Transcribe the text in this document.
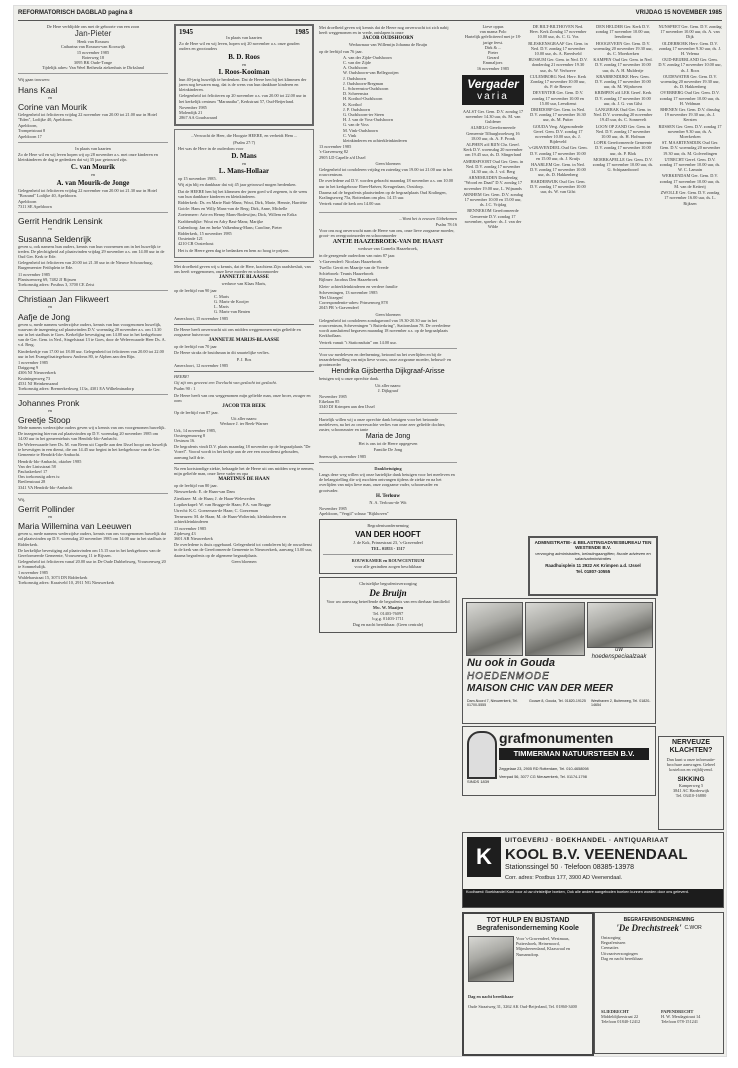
REFORMATORISCH DAGBLAD pagina 8	VRIJDAG 15 NOVEMBER 1985
De Here verblijdde ons met de geboorte van een zoon
Jan-Pieter
Henk van Rossum
Catharina van Rossum-van Kooswijk
15 november 1985
Boterweg 18
3095 BK Oude-Tonge
Tijdelijk adres: Van Weel Bethesda ziekenhuis te Dirksland
Wij gaan trouwen:
Hans Kaal
en
Corine van Mourik
Gelegenheid tot feliciteren vrijdag 22 november van 20.00 tot 21.00 uur in Hotel "Eden", Lodijke 40, Apeldoorn.
Apeldoorn,
Trompetstraat 8
Apeldoorn 17
In plaats van kaarten
Zo de Here wil en wij leven hopen wij op 28 november a.s. met onze kinderen en kleinkinderen de dag te gedenken dat wij 35 jaar getrouwd zijn.
C. van Mourik
en
A. van Mourik-de Jonge
Gelegenheid tot feliciteren vrijdag 22 november van 20.00 tot 21.30 uur in Hotel "Bosrand" Lodijke 40, Apeldoorn.
Apeldoorn
7311 SE Apeldoorn
Gerrit Hendrik Lensink
en
Susanna Seldenrijk
geven u, ook namens hun ouders, kennis van hun voornemen om in het huwelijk te treden. De plechtigheid zal plaatsvinden vrijdag 29 november a.s. om 14.00 uur in de Oud Ger. Kerk te Ede.
Gelegenheid tot feliciteren van 20.00 tot 21.30 uur in de Nieuwe Schouwburg, Burgemeester Feithplein te Ede.
11 november 1985
Plantsoenweg 69, 7482 JJ Rijssen
Toekomstig adres: Postbus 3, 3700 CE Zeist
Christiaan Jan Flikweert
en
Aafje de Jong
geven u, mede namens wederzijdse ouders, kennis van hun voorgenomen huwelijk, waarvan de inzegening zal plaatsvinden D.V. woensdag 20 november a.s. om 13.30 uur in het stadhuis te Goes. Kerkelijke bevestiging om 14.00 uur in het kerkgebouw van de Ger. Gem. in Ned., Singelstraat 13 te Goes, door de Weleerwaarde Heer Ds. A. v.d. Berg.
Kinderkerkje van 17.00 tot 18.00 uur. Gelegenheid tot feliciteren van 20.00 tot 22.00 uur in het Evangelisatiegebouw Andreas 80, te Alphen aan den Rijn.
1 november 1985
Daiggong 9
4306 NJ Nieuwerkerk
Kruiningenweg 73
4531 NJ Heinkenszand
Toekomstig adres: Bremerkerkweg 113a, 4301 EA Wilhelminadorp
Johannes Pronk
en
Greetje Stoop
Mede namens wederzijdse ouders geven wij u kennis van ons voorgenomen huwelijk. De inzegening hiervan zal plaatsvinden op D.V. woensdag 20 november 1985 om 14.00 uur in het gemeentehuis van Hendrik-Ido-Ambacht.
De Weleerwaarde heer Ds. M. van Reem uit Capelle aan den IJssel hoopt ons huwelijk te bevestigen in een dienst, die om 14.45 uur begint in het kerkgebouw van de Ger. Gemeente te Hendrik-Ido-Ambacht.
Hendrik-Ido-Ambacht, oktober 1985
Van der Linisstraat 58
Pauluskerkerf 17
Ons toekomstig adres is:
Breilenstraat 28
3341 VA Hendrik-Ido-Ambacht
Wij,
Gerrit Pollinder
en
Maria Willemina van Leeuwen
geven u, mede namens wederzijdse ouders, kennis van ons voorgenomen huwelijk dat zal plaatsvinden op D.V. woensdag 20 november 1985 om 14.00 uur in het stadhuis te Ridderkerk.
De kerkelijke bevestiging zal plaatsvinden om 15.15 uur in het kerkgebouw van de Gereformeerde Gemeente, Vrouwenweg 11 te Rijssen.
Gelegenheid tot feliciteren vanaf 20.00 uur in De Oude Dubbelsweg, Vrouwenweg 20 te Sommelsdijk.
1 november 1985
Waldebarstraat 15, 3073 DN Ridderkerk
Toekomstig adres: Kraaiveld 10, 2911 NG Nieuwerkerk
1945	1985
In plaats van kaarten
Zo de Here wil en wij leven, hopen wij 20 november a.s. onze gouden ouders en grootouders
B. D. Roos
en
I. Roos-Kooiman
hun 40-jarig huwelijk te herdenken. Dat de Heere hen bij het klimmen der jaren nog bewaren mag, dat is de wens van hun dankbare kinderen en kleinkinderen.
Gelegenheid tot feliciteren op 20 november a.s. van 20.00 tot 22.00 uur in het kerkelijk centrum "Maranatha", Kerkstraat 57, Oud-Beijerland.
November 1985
Molendijk 21
2867 AA Goudswaard
...Verwacht de Heer, die Hoogste HEERE, en verbeidt Hem ...
(Psalm 27:7)
Het was de Here in de ouderdom voor
D. Mans
en
L. Mans-Hollaar
op 15 november 1985.
Wij zijn blij en dankbaar dat wij 45 jaar getrouwd mogen herdenken.
Dat de HEERE hen bij het klimmen der jaren goed wil zegenen, is de wens van hun dankbare kinderen en kleinkinderen.
Ridderkerk: Ds. en Marie Buit-Mans; Wout, Dirk, Marie, Hennie, Harriëtte
Goirle: Hans en Willy Mans-van de Berg; Dirk, Anne, Michelle
Zoetermeer: Arie en Henny Mans-Bodewijns; Dick, Willem en Erika
Krabbendijke: Wout en Adry Bast-Mans; Marijke
Culemborg: Jan en Ineke Valkenburg-Mans; Caroline, Pieter
Ridderkerk, 15 november 1985
Oosteinde 121
4210 CB Oosterhout
Het is de Heere geen dag te bedanken en hem zo hoog te prijzen.
Met droefheid geven wij u kennis, dat de Here, krachtens Zijn raadsbesluit, van ons heeft weggenomen, onze lieve moeder en schoonmoeder
JANNETJE BLAASSE
weduwe van Klaas Maris,
op de leeftijd van 90 jaar
C. Maris
G. Maris-de Kooijer
L. Maris
G. Maris-van Beaten
Amersfoort, 15 november 1985
De Heere heeft onverwacht uit ons midden weggenomen mijn geliefde en zorgzame huisvrouw
JANNETJE MARIJS-BLAASSE
op de leeftijd van 70 jaar
De Heere straks de bruidsman in dit smartelijke verlies.
P. J. Bos
Amersfoort, 12 november 1985
HEERE!
Gij zijt ons geweest een Toevlucht van geslacht tot geslacht.
Psalm 90 : 1
De Heere heeft van ons weggenomen mijn geliefde man, onze broer, zwager en oom
JACOB TER BEEK
Op de leeftijd van 87 jaar.
Uit aller naam:
Weduwe J. ter Beek-Warner
Urk, 14 november 1985,
Oostergemaweg 8
Oestrum 16.
De begrafenis vindt D.V. plaats maandag 18 november op de begraafplaats "De Vorrel". Vooraf wordt in het kerkje aan de zee een rouwdienst gehouden, aanvang half drie.
Na een kortstondige ziekte, behaagde het de Heere uit ons midden weg te nemen, mijn geliefde man, onze lieve vader en opa
MARTINUS DE HAAN
op de leeftijd van 80 jaar.
Nieuwerkerk: E. de Haan-van Dam
Zierikzee: M. de Haan; J. de Haan-Welevreden
Lopikerkapel: W. van Brugge-de Haan; P.A. van Brugge
Utrecht: K.C. Goezeman-de Haan; C. Goezeman
Terneuzen: M. de Haan; M. de Haan-Wolterink; kleinkinderen en achterkleinkinderen
13 november 1985
Zijdeweg 43
3601 AB Nieuwerkerk
De overledene is thuis opgebaard. Gelegenheid tot condoleren bij de rouwdienst in de kerk van de Gereformeerde Gemeente in Nieuwerkerk, aanvang 13.00 uur, daarna begrafenis op de algemene begraafplaats.
Geen bloemen
Met droefheid geven wij kennis dat de Heere nog onverwacht tot zich nabij heeft weggenomen en in vrede, ontslapen is onze
JACOB OUDSHOORN
Weduwnaar van Willemijn Johanna de Bruijn
op de leeftijd van 76 jaar.
A. van der Zijde-Oudshoorn
C. van der Zijde
A. Oudshoorn
W. Oudshoorn-van Bellegooijen
J. Oudshoorn
J. Oudshoorn-Bregman
L. Schreenstra-Oudshoorn
D. Schreenstra
H. Korthof-Oudshoorn
K. Korthof
J. P. Oudshoorn
G. Oudshoorn-ter Steen
H. J. van de Voss-Oudshoorn
G. van de Voss
M. Vink-Oudshoorn
C. Vink
kleinkinderen en achterkleinkinderen
13 november 1985
's-Gravenweg 82
2905 LD Capelle a/d IJssel
Geen bloemen
Gelegenheid tot condoleren vrijdag en zaterdag van 19.00 tot 21.00 uur in het rouwcentrum.
De overledene zal D.V. worden gebracht maandag 18 november a.s. om 10.00 uur in het kerkgebouw Eben-Haëzer, Kreugerlaan, Oostdorp.
Daarna zal de begrafenis plaatsvinden op de begraafplaats Oud Kralingen, Kralingseweg 75a, Rotterdam om plm. 14.15 uur.
Vertrek vanaf de kerk om 14.00 uur.
...Want het is eeuwen Uitbekomen
Psalm 78:16
Voor ons nog onverwacht nam de Heere van ons, onze lieve zorgzame moeder, groot- en overgrootmoeder en schoonmoeder
ANTJE HAAZEBROEK-VAN DE HAAST
weduwe van Cornelis Haazebroek,
in de gezegende ouderdom van ruim 87 jaar.
's-Gravendeel: Nicolaas Haazebroek
Twello: Gerrit en Maartje van de Vreede
Schiebroek: Teunis Haazebroek
Bijlmer: Jacobus Den Haazebroek
Klein- achterkleinkinderen en verdere familie
Scheveningen, 13 november 1985
'Het Uitzegen'
Correspondentie-adres: Prinsenweg 878
2045 PR 's-Gravendeel
Geen bloemen
Gelegenheid tot condoleren zondagavond van 19.30-20.30 uur in het rouwcentrum, Scheveningen "t Ruiterkring", Stationslaan 78. De overledene wordt aansluitend begraven maandag 18 november a.s. op de begraafplaats Kerkhoflaan.
Vertrek vanuit "t Stationsduin" om 14.00 uur.
Voor uw medeleven en deelneming, betoond na het overlijden en bij de teraardebestelling van mijn lieve vrouw, onze zorgzame moeder, behuwd- en grootmoeder
Hendrika Gijsbertha Dijkgraaf-Arisse
betuigen wij u onze oprechte dank.
Uit aller naam:
J. Dijkgraaf
November 1985
Eikelaan 85
3340 DJ Krimpen aan den IJssel
Hartelijk willen wij u onze oprechte dank betuigen voor het betoonde medeleven, na het zo onverwachte verlies van onze zeer geliefde dochter, zuster, schoonzuster en tante
Maria de Jong
Het is ons tot de Heere opgegeven
Familie De Jong
Sneeuwijk, november 1985
Dankbetuiging
Langs deze weg willen wij onze hartelijke dank betuigen voor het meeleven en de belangstelling die wij mochten ontvangen tijdens de ziekte en na het overlijden van mijn lieve man, onze zorgzame vader, schoonvader en grootvader.
H. Terlouw
N. A. Terlouw-de Wit
November 1985
Apeldoorn, "Vergil" schuur "Rijkhoven"
Begrafenisonderneming
VAN DER HOOFT
J. de Kok, Prinsestraat 23, 's-Gravendeel
TEL. 01853 - 1517
ROUWKAMER en ROUWCENTRUM
voor alle gezindten zorgen beschikbaar
Christelijke begrafenisverzorging
De Bruijn
Voor uw aanvraag betreffende de begrafenis van een dierbaar familielid
Mw. W. Maaijen
Tel. 01403-76097
b.g.g. 01403-1711
Dag en nacht bereikbaar. (Geen centrale)
Lieve oppas
van mama Polo
Hartelijk gefeliciteerd met je 18-jarige feest.
Dirk & ...
Pieter
Gerard
Emmaljoer.
16 november 1985
Vergader
varia
AALST Ger. Gem. D.V. zondag 17 november 14.30 uur, ds. M. van Guldener
ALMELO Gereformeerde Gemeente Tilburgbroekweg 16 18.00 uur, ds. A. F. Pronk
ALPHEN a/d RIJN Chr. Geref. Kerk D.V. woensdag 20 november om 19.45 uur, ds. D. Slingerland
AMERSFOORT Oud Ger. Gem. in Ned. D.V. zondag 17 november 14.30 uur, ds. J. v.d. Berg
ARNEMUIDEN Donderdag "Woord en Daad" D.V. zondag 17 november 19.00 uur, L. Wijnands
ARNHEM Ger. Gem. D.V. zondag 17 november 10.00 en 15.00 uur, ds. J.C. Vrijdag
BENNEKOM Gereformeerde Gemeente D.V. zondag 17 november, spreker: ds. J. van der Wilde
DE BILT-BILTHOVEN Ned. Herv. Kerk Zondag 17 november 10.00 uur, ds. C. G. Vos
BLESKENSGRAAF Ger. Gem. in Ned. D.V. zondag 17 november 10.00 uur, ds. A. Breedveld
BUSSUM Ger. Gem. in Ned. D.V. donderdag 21 november 19.30 uur, ds. W. Verhoeve
CULEMBORG Ned. Herv. Kerk Zondag 17 november 10.00 uur, ds. P. de Reuver
DEVENTER Ger. Gem. D.V. zondag 17 november 10.00 en 15.00 uur, Leesdienst
DRIEDORP Ger. Gem. in Ned. D.V. zondag 17 november 16.30 uur, ds. M. Putter
GOUDA Verg. Afgezonderde Geref. Gem. D.V. zondag 17 november 10.00 uur, ds. J. Bijdeveld
's-GRAVENDEEL Oud Ger. Gem. D.V. zondag 17 november 10.00 en 15.00 uur, ds. J. Kruijs
HAARLEM Ger. Gem. in Ned. D.V. zondag 17 november 10.00 uur, ds. D. Hakkenberg
HARDERWIJK Oud Ger. Gem. D.V. zondag 17 november 10.00 uur, ds. W. van Gilst
DEN HELDER Ger. Kerk D.V. zondag 17 november 10.00 uur, leesdienst
HOOGEVEEN Ger. Gem. D.V. woensdag 20 november 19.30 uur, ds. C. Moerkerken
KAMPEN Oud Ger. Gem. in Ned. D.V. zondag 17 november 10.00 uur, ds. A. H. Mulderije
KRABBENDIJKE Herv. Gem. D.V. zondag 17 november 10.00 uur, ds. M. Wijnhoven
KRIMPEN a/d LEK Geref. Kerk D.V. zondag 17 november 10.00 uur, ds. J. G. van Gilst
LANGERAK Oud Ger. Gem. in Ned. D.V. woensdag 20 november 19.45 uur, ds. C. Sonnevelt
LOON OP ZAND Ger. Gem. in Ned. D.V. zondag 17 november 10.00 uur, ds. H. Hofman
LOPIK Gereformeerde Gemeente D.V. zondag 17 november 10.00 uur, ds. P. Blok
MOERKAPELLE Ger. Gem. D.V. zondag 17 november 10.00 uur, ds. G. Schipaanboord
NUNSPEET Ger. Gem. D.V. zondag 17 november 10.00 uur, ds. A. van Dijk
OLDEBROEK Herv. Gem. D.V. zondag 17 november 9.30 uur, ds. J. H. Velema
OUD-BEIJERLAND Ger. Gem. D.V. zondag 17 november 10.00 uur, ds. J. Roos
OUDEWATER Ger. Gem. D.V. woensdag 20 november 19.30 uur, ds. D. Hakkenberg
OVERBERG Oud Ger. Gem. D.V. zondag 17 november 10.00 uur, ds. H. Veldman
RHENEN Ger. Gem. D.V. dinsdag 19 november 19.30 uur, ds. J. Kersten
RIJSSEN Ger. Gem. D.V. zondag 17 november 9.30 uur, ds. A. Moerkerken
ST. MAARTENSDIJK Oud Ger. Gem. D.V. woensdag 20 november 19.30 uur, ds. M. Golverdingen
UTRECHT Geref. Gem. D.V. zondag 17 november 10.00 uur, ds. W. C. Lamain
WERKENDAM Ger. Gem. D.V. zondag 17 november 10.00 uur, ds. M. van de Ketterij
ZWOLLE Ger. Gem. D.V. zondag 17 november 16.00 uur, ds. L. Rijksen
ADMINISTRATIE- & BELASTINGADVIESBUREAU TEN WESTENDE B.V.
verzorging administraties, belastingaangiften, fiscale adviezen en salarisadministraties
Raadhuisplein 11 2922 AK Krimpen a.d. IJssel
Tel. 01807-10555
uw hoedenspeciaalzaak
Nu ook in Gouda
HOEDENMODE
MAISON CHIC VAN DER MEER
Dam-Noord 7, Nieuwerkerk, Tel. 01700-5555
Gouwe 8, Gouda, Tel. 01820-19125	Westhaven 2, Buitenweg, Tel. 01820-14654
grafmonumenten
TIMMERMAN NATUURSTEEN B.V.
SINDS 1839
Zeggelaar 23, 2905 RD Rotterdam, Tel. 010-4658098
Veerpad 56, 3077 CG Nieuwerkerk, Tel. 01174-1798
NERVEUZE KLACHTEN?
Dan kunt u onze informatie-brochure aanvragen. Geheel kosteloos en vrijblijvend.
SIKKING
Kamperweg 5
3841 AC Harderwijk
Tel. 03410-16880
K
UITGEVERIJ · BOEKHANDEL · ANTIQUARIAAT
KOOL B.V. VEENENDAAL
Stationssingel 50 · Telefoon 08385-13978
Corr. adres: Postbus 177, 3900 AD Veenendaal.
Koolhaerd: Boekhandel Kool voor al uw christelijke boeken, Ook alle andere aangeboden boeken kunnen worden door ons geleverd.
TOT HULP EN BIJSTAND
Begrafenisonderneming Koole
Voor 's-Gravendeel, Westmaas, Puttershoek, Heinenoord, Mijnsheerenland, Klaaswaal en Numansdorp.
Dag en nacht bereikbaar
Oude Straatweg 31, 3262 AK Oud-Beijerland, Tel. 01860-3400
BEGRAFENISONDERNEMING
'De Drechtstreek' C.WOR
Ontzorging
Begrafenissen
Crematies
Uitvaartverzorgingen
Dag en nacht bereikbaar
SLIEDRECHT
Middeldijkerstraat 22
Telefoon 01840-12412
PAPENDRECHT
H. W. Mesdagstraat 14
Telefoon 078-151241
